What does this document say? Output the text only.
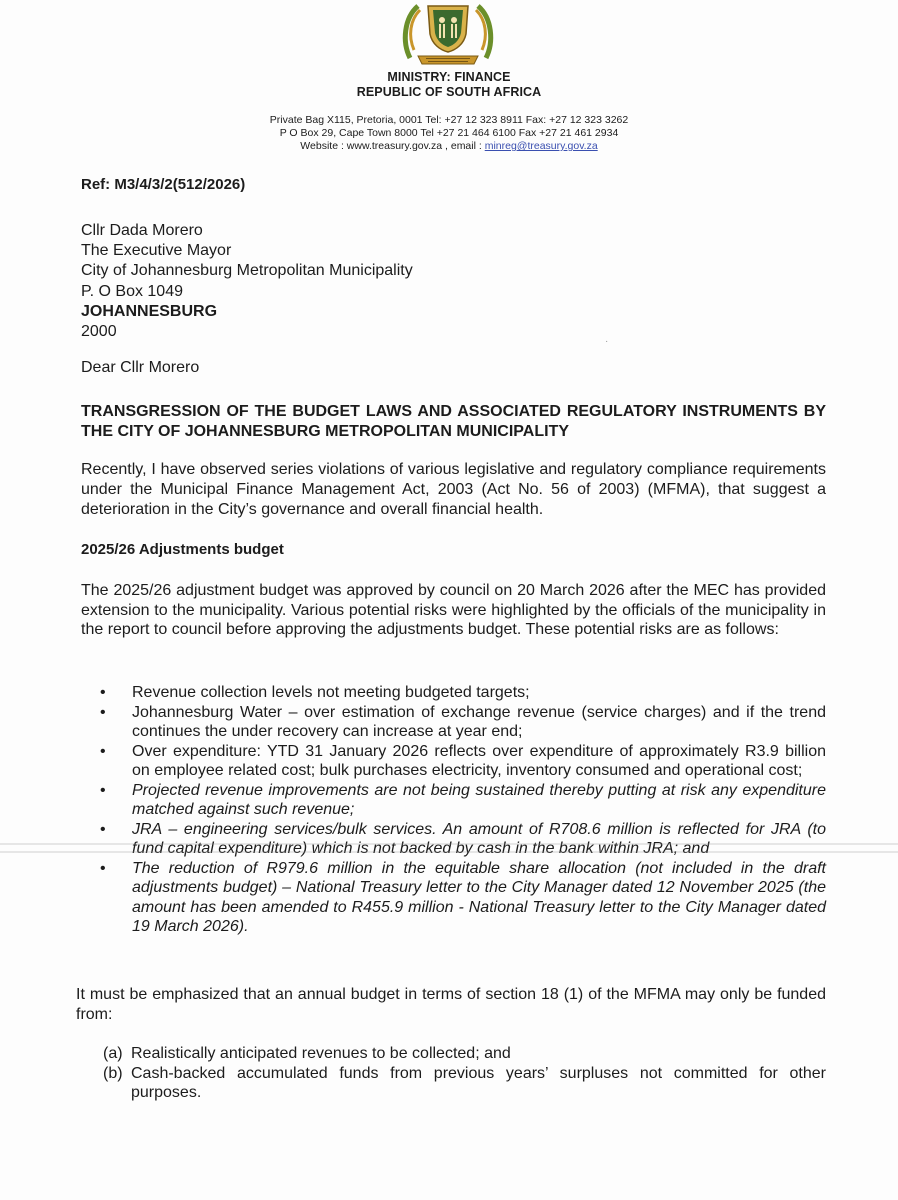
MINISTRY: FINANCE
REPUBLIC OF SOUTH AFRICA
Private Bag X115, Pretoria, 0001 Tel: +27 12 323 8911 Fax: +27 12 323 3262
P O Box 29, Cape Town 8000 Tel +27 21 464 6100 Fax +27 21 461 2934
Website : www.treasury.gov.za , email : minreg@treasury.gov.za
Ref: M3/4/3/2(512/2026)
Cllr Dada Morero
The Executive Mayor
City of Johannesburg Metropolitan Municipality
P. O Box 1049
JOHANNESBURG
2000
·
Dear Cllr Morero
TRANSGRESSION OF THE BUDGET LAWS AND ASSOCIATED REGULATORY INSTRUMENTS BY THE CITY OF JOHANNESBURG METROPOLITAN MUNICIPALITY
Recently, I have observed series violations of various legislative and regulatory compliance requirements under the Municipal Finance Management Act, 2003 (Act No. 56 of 2003) (MFMA), that suggest a deterioration in the City’s governance and overall financial health.
2025/26 Adjustments budget
The 2025/26 adjustment budget was approved by council on 20 March 2026 after the MEC has provided extension to the municipality. Various potential risks were highlighted by the officials of the municipality in the report to council before approving the adjustments budget. These potential risks are as follows:
• Revenue collection levels not meeting budgeted targets;
• Johannesburg Water – over estimation of exchange revenue (service charges) and if the trend continues the under recovery can increase at year end;
• Over expenditure: YTD 31 January 2026 reflects over expenditure of approximately R3.9 billion on employee related cost; bulk purchases electricity, inventory consumed and operational cost;
• Projected revenue improvements are not being sustained thereby putting at risk any expenditure matched against such revenue;
• JRA – engineering services/bulk services. An amount of R708.6 million is reflected for JRA (to fund capital expenditure) which is not backed by cash in the bank within JRA; and
• The reduction of R979.6 million in the equitable share allocation (not included in the draft adjustments budget) – National Treasury letter to the City Manager dated 12 November 2025 (the amount has been amended to R455.9 million - National Treasury letter to the City Manager dated 19 March 2026).
It must be emphasized that an annual budget in terms of section 18 (1) of the MFMA may only be funded from:
(a) Realistically anticipated revenues to be collected; and
(b) Cash-backed accumulated funds from previous years’ surpluses not committed for other purposes.
